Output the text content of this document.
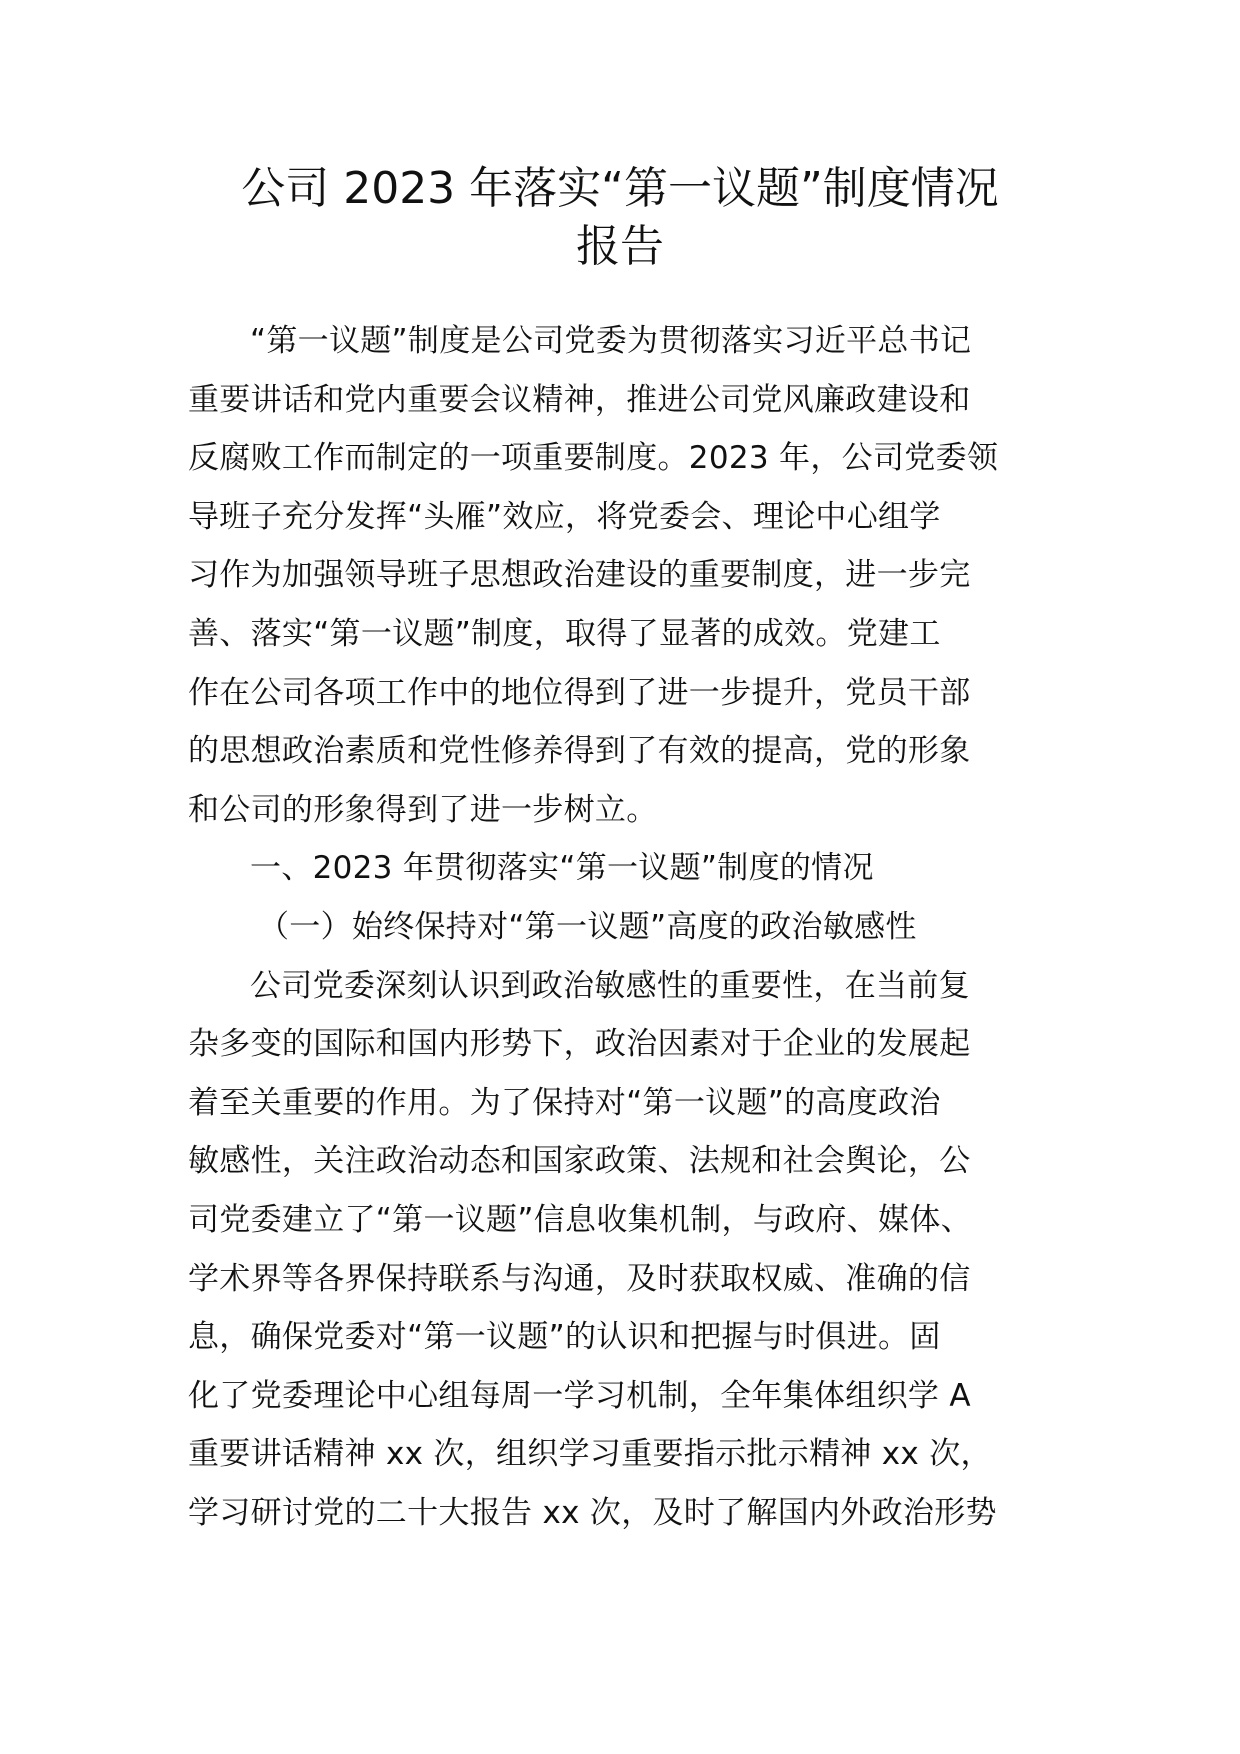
公司 2023 年落实“第一议题”制度情况
报告
“第一议题”制度是公司党委为贯彻落实习近平总书记
重要讲话和党内重要会议精神，推进公司党风廉政建设和
反腐败工作而制定的一项重要制度。2023 年，公司党委领
导班子充分发挥“头雁”效应，将党委会、理论中心组学
习作为加强领导班子思想政治建设的重要制度，进一步完
善、落实“第一议题”制度，取得了显著的成效。党建工
作在公司各项工作中的地位得到了进一步提升，党员干部
的思想政治素质和党性修养得到了有效的提高，党的形象
和公司的形象得到了进一步树立。
一、2023 年贯彻落实“第一议题”制度的情况
（一）始终保持对“第一议题”高度的政治敏感性
公司党委深刻认识到政治敏感性的重要性，在当前复
杂多变的国际和国内形势下，政治因素对于企业的发展起
着至关重要的作用。为了保持对“第一议题”的高度政治
敏感性，关注政治动态和国家政策、法规和社会舆论，公
司党委建立了“第一议题”信息收集机制，与政府、媒体、
学术界等各界保持联系与沟通，及时获取权威、准确的信
息，确保党委对“第一议题”的认识和把握与时俱进。固
化了党委理论中心组每周一学习机制，全年集体组织学 A
重要讲话精神 xx 次，组织学习重要指示批示精神 xx 次，
学习研讨党的二十大报告 xx 次，及时了解国内外政治形势
